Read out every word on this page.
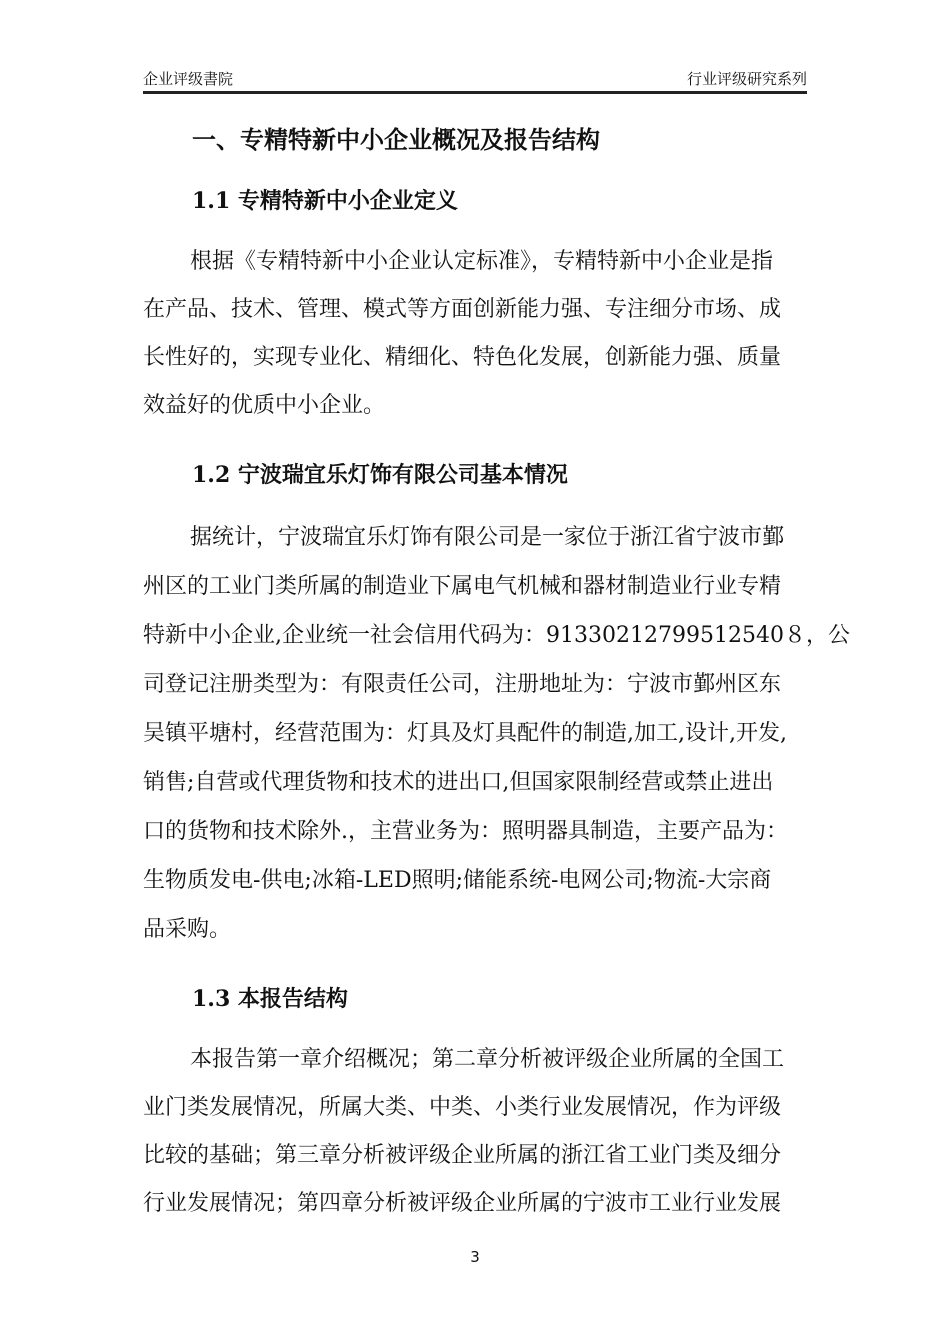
企业评级書院	行业评级研究系列
一、专精特新中小企业概况及报告结构
1.1 专精特新中小企业定义
根据《专精特新中小企业认定标准》，专精特新中小企业是指
在产品、技术、管理、模式等方面创新能力强、专注细分市场、成
长性好的，实现专业化、精细化、特色化发展，创新能力强、质量
效益好的优质中小企业。
1.2 宁波瑞宜乐灯饰有限公司基本情况
据统计，宁波瑞宜乐灯饰有限公司是一家位于浙江省宁波市鄞
州区的工业门类所属的制造业下属电气机械和器材制造业行业专精
特新中小企业,企业统一社会信用代码为：91330212799512540８，公
司登记注册类型为：有限责任公司，注册地址为：宁波市鄞州区东
吴镇平塘村，经营范围为：灯具及灯具配件的制造,加工,设计,开发,
销售;自营或代理货物和技术的进出口,但国家限制经营或禁止进出
口的货物和技术除外.，主营业务为：照明器具制造，主要产品为：
生物质发电-供电;冰箱-LED照明;储能系统-电网公司;物流-大宗商
品采购。
1.3 本报告结构
本报告第一章介绍概况；第二章分析被评级企业所属的全国工
业门类发展情况，所属大类、中类、小类行业发展情况，作为评级
比较的基础；第三章分析被评级企业所属的浙江省工业门类及细分
行业发展情况；第四章分析被评级企业所属的宁波市工业行业发展
3
